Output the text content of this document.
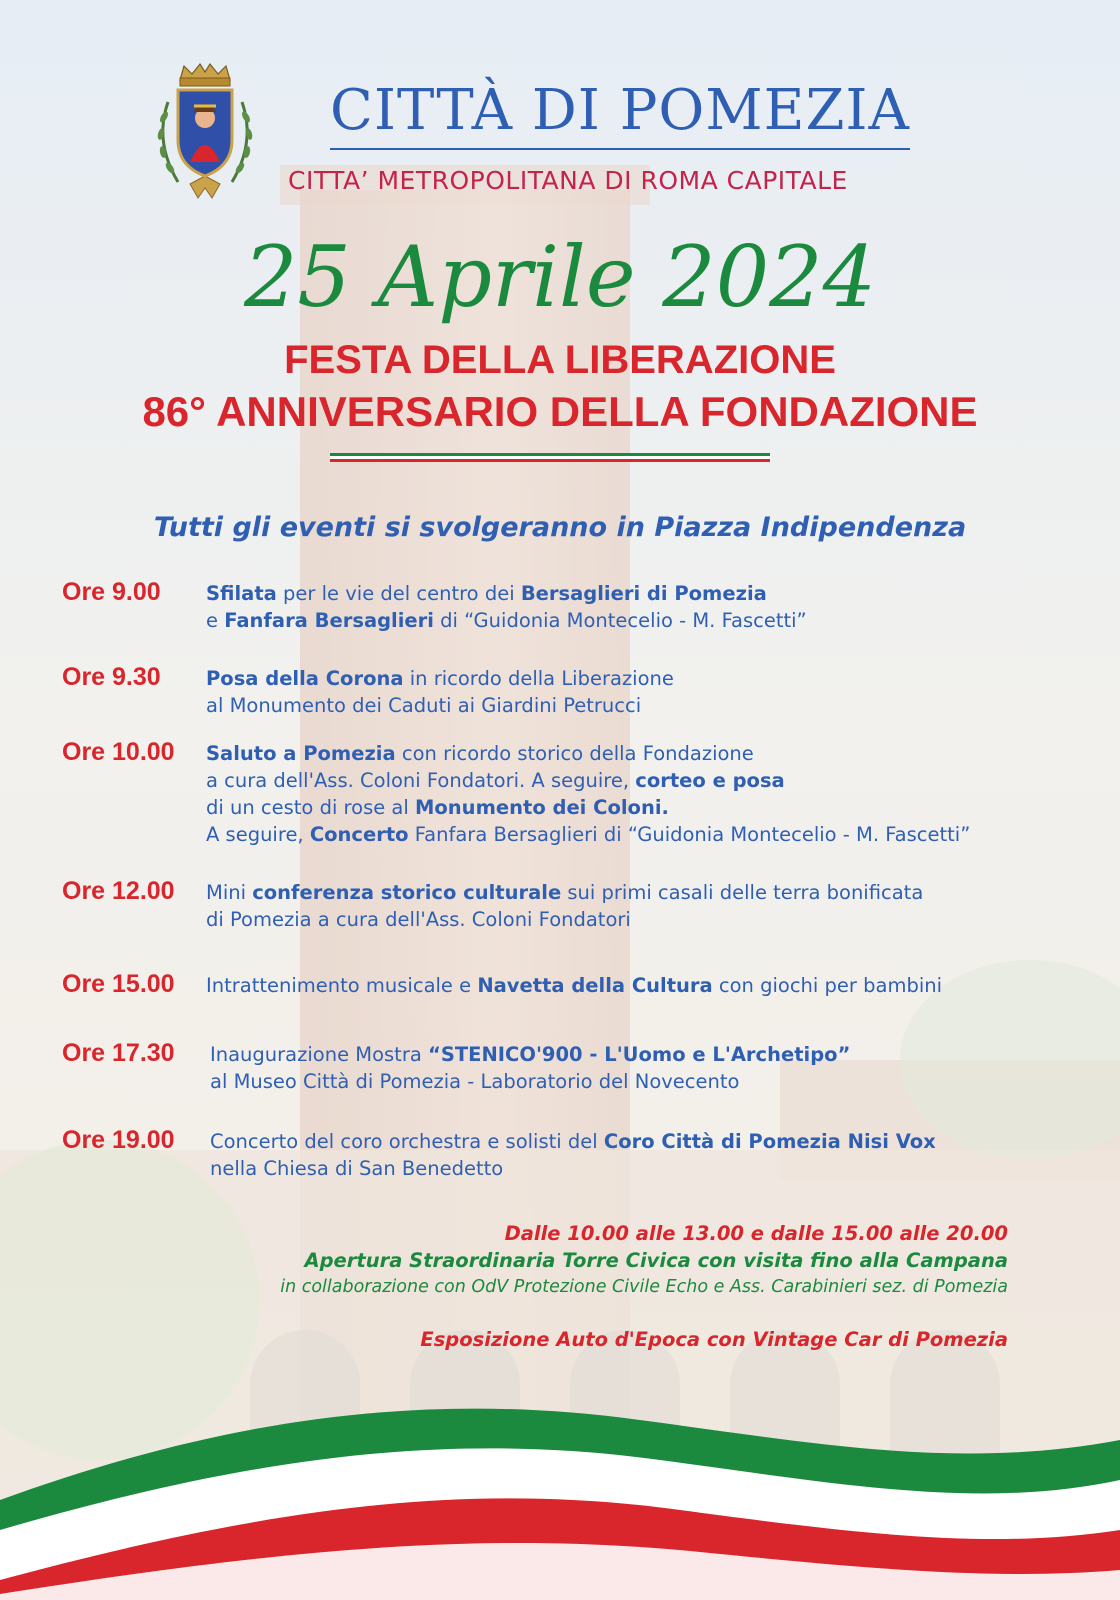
CITTÀ DI POMEZIA
CITTA’ METROPOLITANA DI ROMA CAPITALE
25 Aprile 2024
FESTA DELLA LIBERAZIONE
86° ANNIVERSARIO DELLA FONDAZIONE
Tutti gli eventi si svolgeranno in Piazza Indipendenza
Ore 9.00 Sfilata per le vie del centro dei Bersaglieri di Pomezia
e Fanfara Bersaglieri di “Guidonia Montecelio - M. Fascetti”
Ore 9.30 Posa della Corona in ricordo della Liberazione
al Monumento dei Caduti ai Giardini Petrucci
Ore 10.00 Saluto a Pomezia con ricordo storico della Fondazione
a cura dell'Ass. Coloni Fondatori. A seguire, corteo e posa
di un cesto di rose al Monumento dei Coloni.
A seguire, Concerto Fanfara Bersaglieri di “Guidonia Montecelio - M. Fascetti”
Ore 12.00 Mini conferenza storico culturale sui primi casali delle terra bonificata
di Pomezia a cura dell'Ass. Coloni Fondatori
Ore 15.00 Intrattenimento musicale e Navetta della Cultura con giochi per bambini
Ore 17.30 Inaugurazione Mostra “STENICO'900 - L'Uomo e L'Archetipo”
al Museo Città di Pomezia - Laboratorio del Novecento
Ore 19.00 Concerto del coro orchestra e solisti del Coro Città di Pomezia Nisi Vox
nella Chiesa di San Benedetto
Dalle 10.00 alle 13.00 e dalle 15.00 alle 20.00
Apertura Straordinaria Torre Civica con visita fino alla Campana
in collaborazione con OdV Protezione Civile Echo e Ass. Carabinieri sez. di Pomezia
Esposizione Auto d'Epoca con Vintage Car di Pomezia
